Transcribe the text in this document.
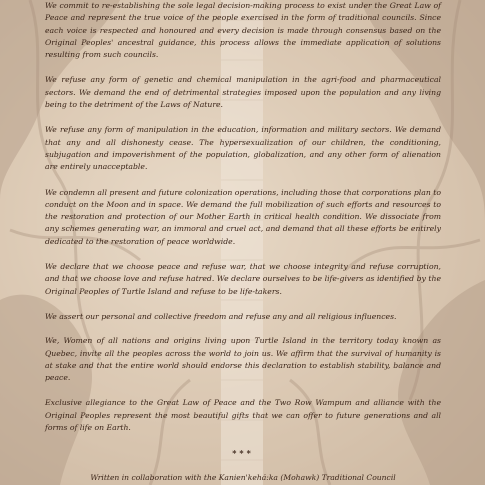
We commit to re-establishing the sole legal decision-making process to exist under the Great Law of Peace and represent the true voice of the people exercised in the form of traditional councils. Since each voice is respected and honoured and every decision is made through consensus based on the Original Peoples' ancestral guidance, this process allows the immediate application of solutions resulting from such councils.

We refuse any form of genetic and chemical manipulation in the agri-food and pharmaceutical sectors. We demand the end of detrimental strategies imposed upon the population and any living being to the detriment of the Laws of Nature.

We refuse any form of manipulation in the education, information and military sectors. We demand that any and all dishonesty cease. The hypersexualization of our children, the conditioning, subjugation and impoverishment of the population, globalization, and any other form of alienation are entirely unacceptable.

We condemn all present and future colonization operations, including those that corporations plan to conduct on the Moon and in space. We demand the full mobilization of such efforts and resources to the restoration and protection of our Mother Earth in critical health condition. We dissociate from any schemes generating war, an immoral and cruel act, and demand that all these efforts be entirely dedicated to the restoration of peace worldwide.

We declare that we choose peace and refuse war, that we choose integrity and refuse corruption, and that we choose love and refuse hatred. We declare ourselves to be life-givers as identified by the Original Peoples of Turtle Island and refuse to be life-takers.

We assert our personal and collective freedom and refuse any and all religious influences.

We, Women of all nations and origins living upon Turtle Island in the territory today known as Quebec, invite all the peoples across the world to join us. We affirm that the survival of humanity is at stake and that the entire world should endorse this declaration to establish stability, balance and peace.

Exclusive allegiance to the Great Law of Peace and the Two Row Wampum and alliance with the Original Peoples represent the most beautiful gifts that we can offer to future generations and all forms of life on Earth.

***
Written in collaboration with the Kanien'kehá:ka (Mohawk) Traditional Council
